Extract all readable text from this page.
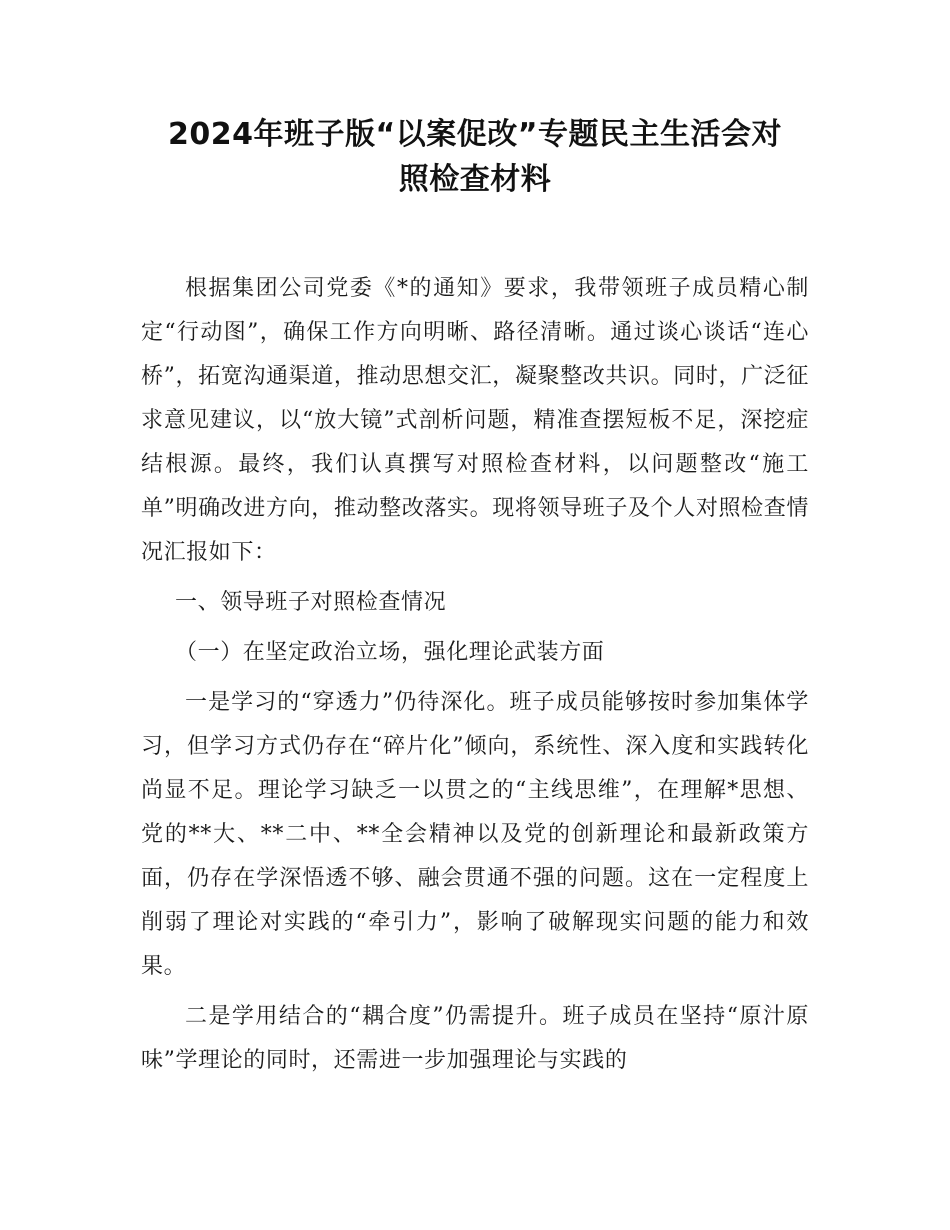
2024年班子版“以案促改”专题民主生活会对
照检查材料

根据集团公司党委《*的通知》要求，我带领班子成员精心制定“行动图”，确保工作方向明晰、路径清晰。通过谈心谈话“连心桥”，拓宽沟通渠道，推动思想交汇，凝聚整改共识。同时，广泛征求意见建议，以“放大镜”式剖析问题，精准查摆短板不足，深挖症结根源。最终，我们认真撰写对照检查材料，以问题整改“施工单”明确改进方向，推动整改落实。现将领导班子及个人对照检查情况汇报如下：

一、领导班子对照检查情况

（一）在坚定政治立场，强化理论武装方面

一是学习的“穿透力”仍待深化。班子成员能够按时参加集体学习，但学习方式仍存在“碎片化”倾向，系统性、深入度和实践转化尚显不足。理论学习缺乏一以贯之的“主线思维”，在理解*思想、党的**大、**二中、**全会精神以及党的创新理论和最新政策方面，仍存在学深悟透不够、融会贯通不强的问题。这在一定程度上削弱了理论对实践的“牵引力”，影响了破解现实问题的能力和效果。

二是学用结合的“耦合度”仍需提升。班子成员在坚持“原汁原味”学理论的同时，还需进一步加强理论与实践的
